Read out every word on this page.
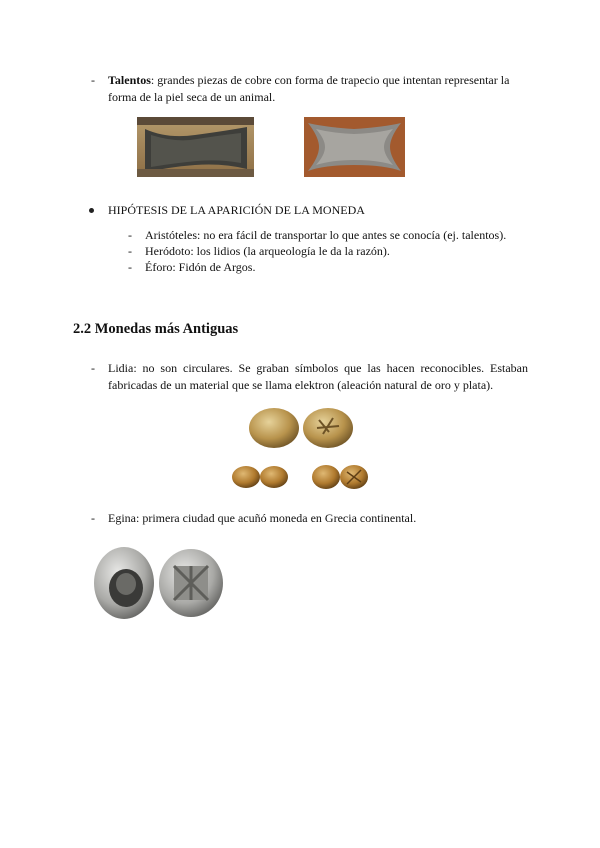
- Talentos: grandes piezas de cobre con forma de trapecio que intentan representar la
forma de la piel seca de un animal.
HIPÓTESIS DE LA APARICIÓN DE LA MONEDA
- Aristóteles: no era fácil de transportar lo que antes se conocía (ej. talentos).
- Heródoto: los lidios (la arqueología le da la razón).
- Éforo: Fidón de Argos.
2.2 Monedas más Antiguas
- Lidia: no son circulares. Se graban símbolos que las hacen reconocibles. Estaban
fabricadas de un material que se llama elektron (aleación natural de oro y plata).
- Egina: primera ciudad que acuñó moneda en Grecia continental.
